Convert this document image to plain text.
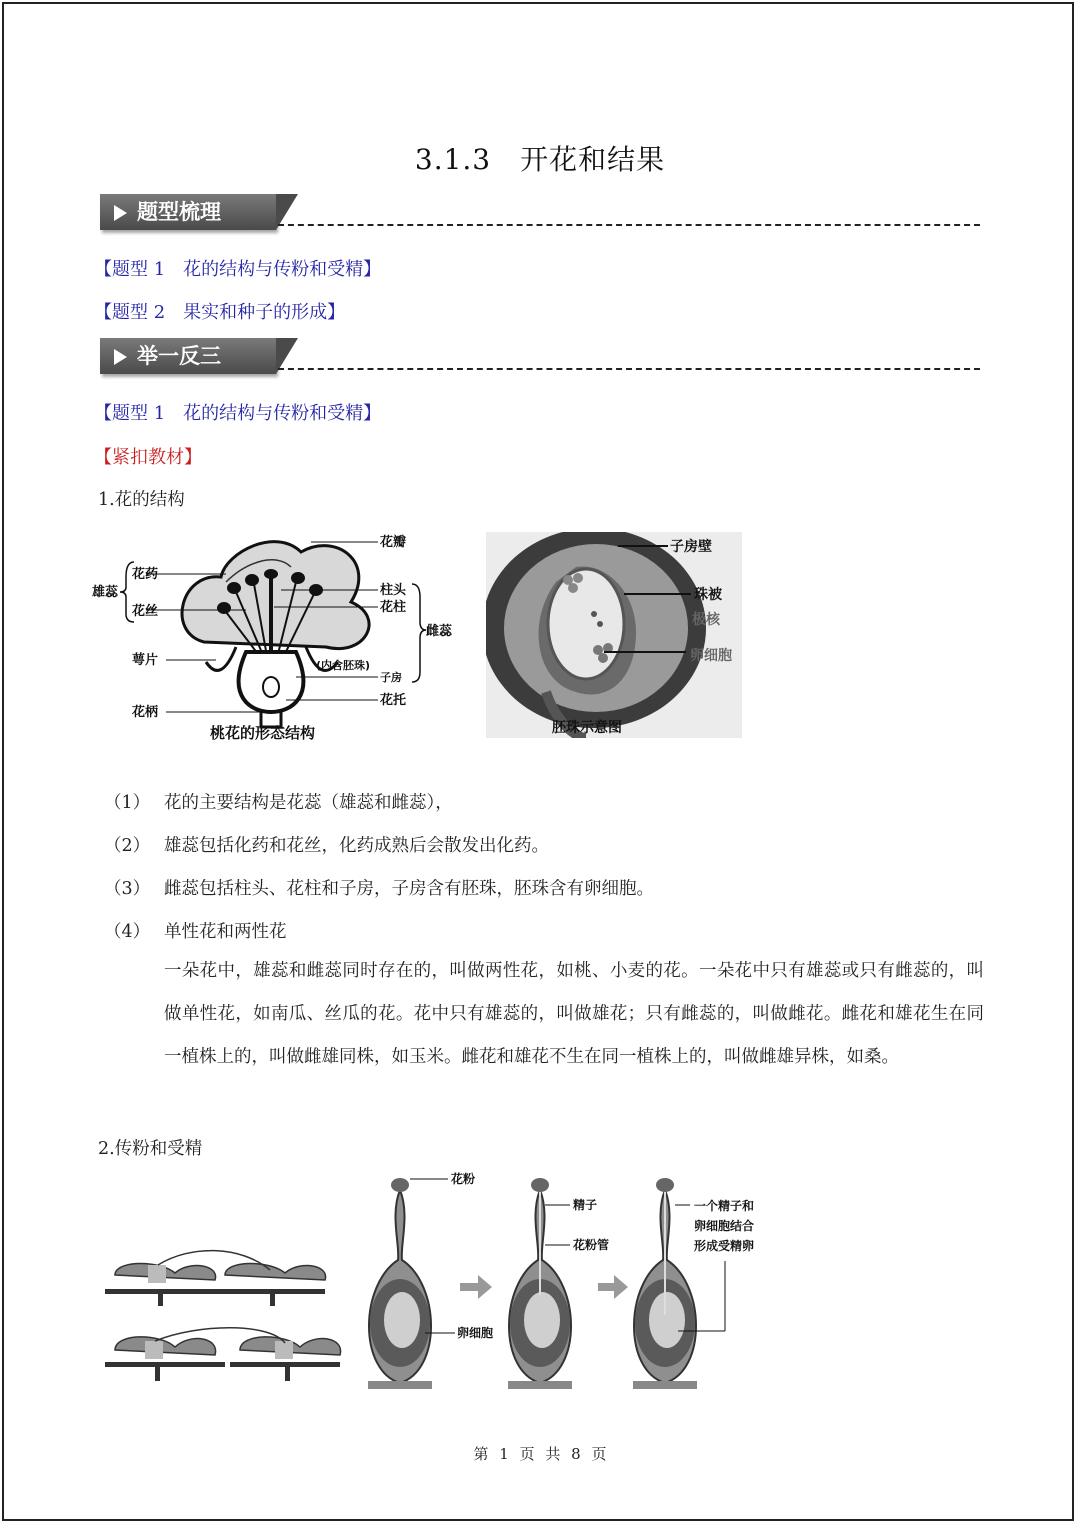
3.1.3　开花和结果
题型梳理
【题型 1　花的结构与传粉和受精】
【题型 2　果实和种子的形成】
举一反三
【题型 1　花的结构与传粉和受精】
【紧扣教材】
1.花的结构
花瓣
花药
雄蕊
花丝
柱头
花柱
雌蕊
萼片	(内含胚珠)
子房
花托
花柄
桃花的形态结构
子房壁
珠被
极核
卵细胞
胚珠示意图
（1） 花的主要结构是花蕊（雄蕊和雌蕊），
（2） 雄蕊包括化药和花丝，化药成熟后会散发出化药。
（3） 雌蕊包括柱头、花柱和子房，子房含有胚珠，胚珠含有卵细胞。
（4） 单性花和两性花
一朵花中，雄蕊和雌蕊同时存在的，叫做两性花，如桃、小麦的花。一朵花中只有雄蕊或只有雌蕊的，叫做单性花，如南瓜、丝瓜的花。花中只有雄蕊的，叫做雄花；只有雌蕊的，叫做雌花。雌花和雄花生在同一植株上的，叫做雌雄同株，如玉米。雌花和雄花不生在同一植株上的，叫做雌雄异株，如桑。
2.传粉和受精
花粉
精子
花粉管
卵细胞
一个精子和
卵细胞结合
形成受精卵
第 1 页 共 8 页
